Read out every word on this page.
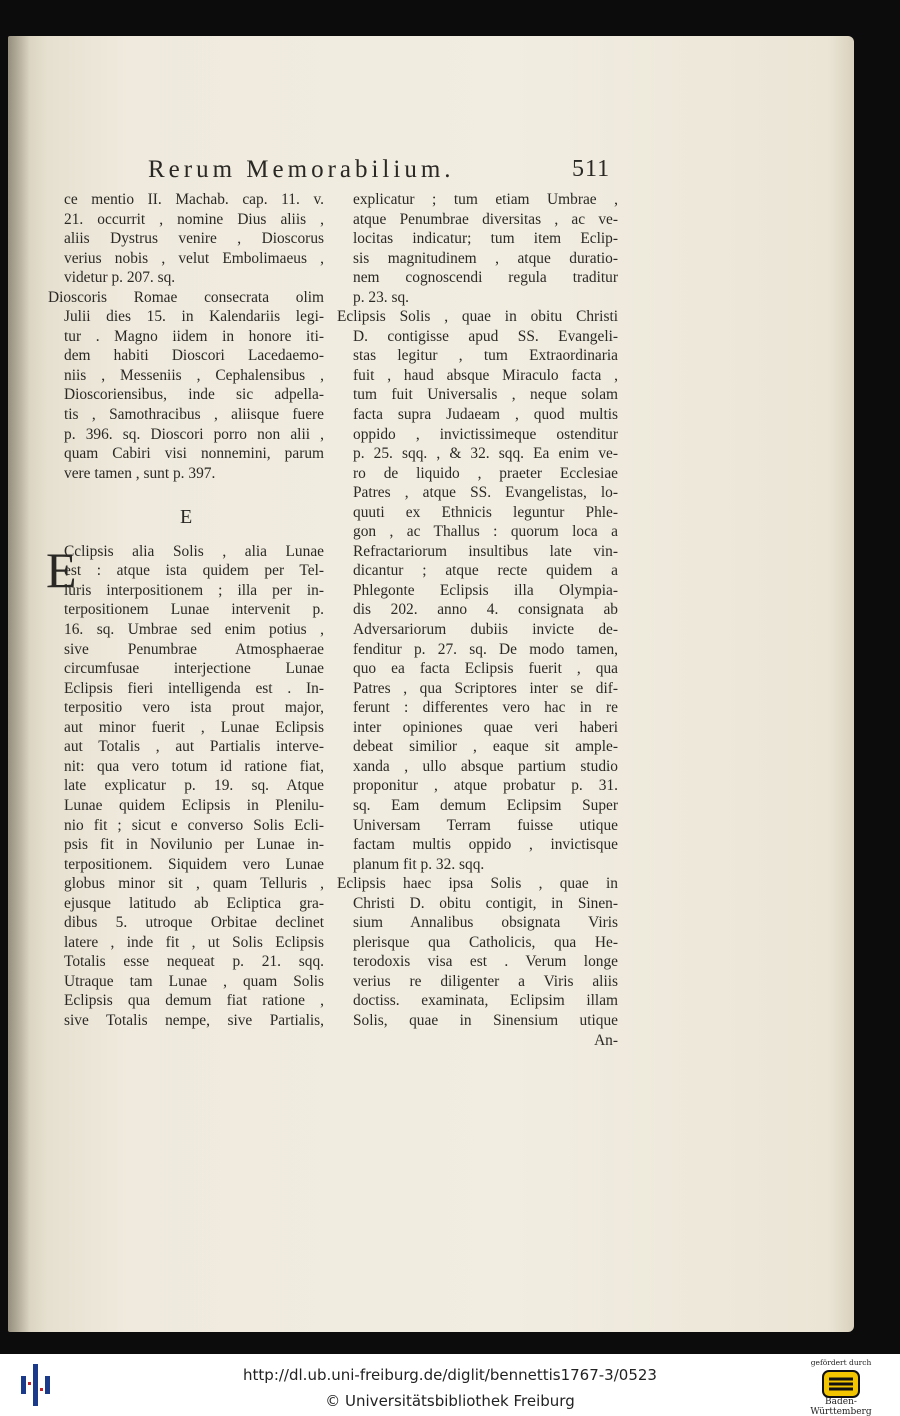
Rerum Memorabilium.	511
ce mentio II. Machab. cap. 11. v.
21. occurrit , nomine Dius aliis ,
aliis Dystrus venire , Dioscorus
verius nobis , velut Embolimaeus ,
videtur p. 207. sq.
Dioscoris Romae consecrata olim
Julii dies 15. in Kalendariis legi-
tur . Magno iidem in honore iti-
dem habiti Dioscori Lacedaemo-
niis , Messeniis , Cephalensibus ,
Dioscoriensibus, inde sic adpella-
tis , Samothracibus , aliisque fuere
p. 396. sq. Dioscori porro non alii ,
quam Cabiri visi nonnemini, parum
vere tamen , sunt p. 397.
Cclipsis alia Solis , alia Lunae
est : atque ista quidem per Tel-
luris interpositionem ; illa per in-
terpositionem Lunae intervenit p.
16. sq. Umbrae sed enim potius ,
sive Penumbrae Atmosphaerae
circumfusae interjectione Lunae
Eclipsis fieri intelligenda est . In-
terpositio vero ista prout major,
aut minor fuerit , Lunae Eclipsis
aut Totalis , aut Partialis interve-
nit: qua vero totum id ratione fiat,
late explicatur p. 19. sq. Atque
Lunae quidem Eclipsis in Plenilu-
nio fit ; sicut e converso Solis Ecli-
psis fit in Novilunio per Lunae in-
terpositionem. Siquidem vero Lunae
globus minor sit , quam Telluris ,
ejusque latitudo ab Ecliptica gra-
dibus 5. utroque Orbitae declinet
latere , inde fit , ut Solis Eclipsis
Totalis esse nequeat p. 21. sqq.
Utraque tam Lunae , quam Solis
Eclipsis qua demum fiat ratione ,
sive Totalis nempe, sive Partialis,
explicatur ; tum etiam Umbrae ,
atque Penumbrae diversitas , ac ve-
locitas indicatur; tum item Eclip-
sis magnitudinem , atque duratio-
nem cognoscendi regula traditur
p. 23. sq.
Eclipsis Solis , quae in obitu Christi
D. contigisse apud SS. Evangeli-
stas legitur , tum Extraordinaria
fuit , haud absque Miraculo facta ,
tum fuit Universalis , neque solam
facta supra Judaeam , quod multis
oppido , invictissimeque ostenditur
p. 25. sqq. , & 32. sqq. Ea enim ve-
ro de liquido , praeter Ecclesiae
Patres , atque SS. Evangelistas, lo-
quuti ex Ethnicis leguntur Phle-
gon , ac Thallus : quorum loca a
Refractariorum insultibus late vin-
dicantur ; atque recte quidem a
Phlegonte Eclipsis illa Olympia-
dis 202. anno 4. consignata ab
Adversariorum dubiis invicte de-
fenditur p. 27. sq. De modo tamen,
quo ea facta Eclipsis fuerit , qua
Patres , qua Scriptores inter se dif-
ferunt : differentes vero hac in re
inter opiniones quae veri haberi
debeat similior , eaque sit ample-
xanda , ullo absque partium studio
proponitur , atque probatur p. 31.
sq. Eam demum Eclipsim Super
Universam Terram fuisse utique
factam multis oppido , invictisque
planum fit p. 32. sqq.
Eclipsis haec ipsa Solis , quae in
Christi D. obitu contigit, in Sinen-
sium Annalibus obsignata Viris
plerisque qua Catholicis, qua He-
terodoxis visa est . Verum longe
verius re diligenter a Viris aliis
doctiss. examinata, Eclipsim illam
Solis, quae in Sinensium utique
An-
E
E
http://dl.ub.uni-freiburg.de/diglit/bennettis1767-3/0523
© Universitätsbibliothek Freiburg
gefördert durch
Baden-Württemberg
